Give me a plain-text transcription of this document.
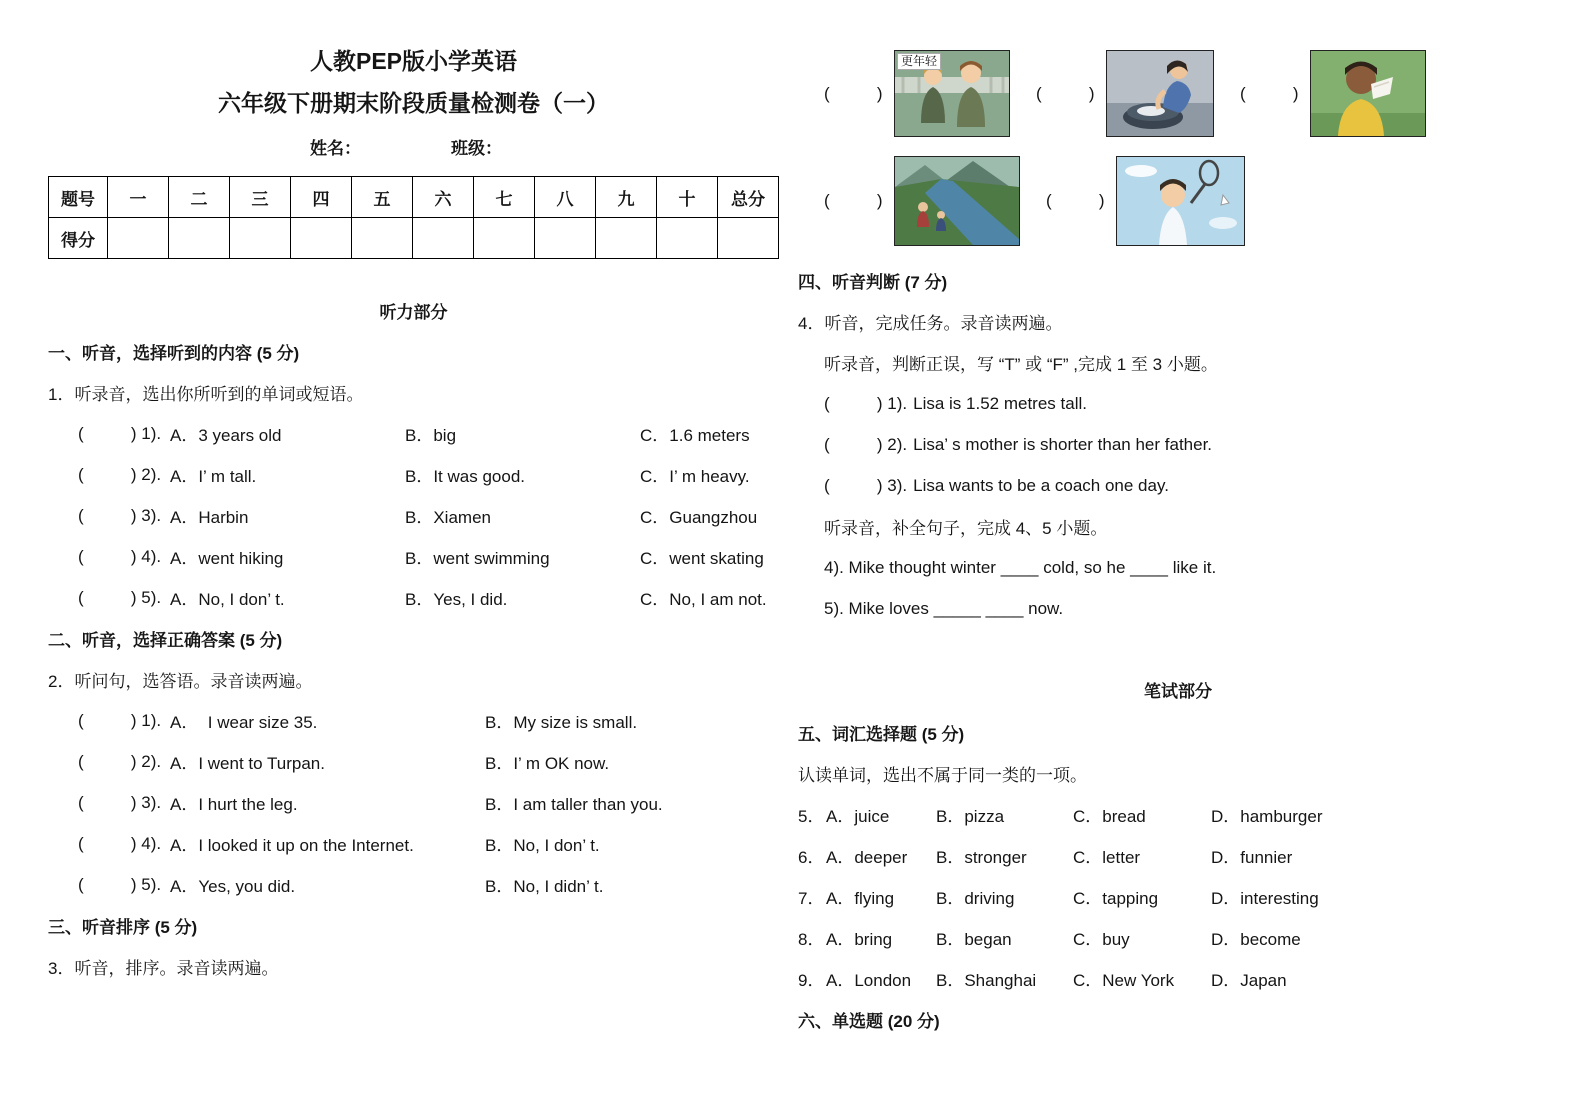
人教PEP版小学英语
六年级下册期末阶段质量检测卷（一）
姓名：	班级：
题号	一	二	三	四	五	六	七	八	九	十	总分
得分											
听力部分
一、听音，选择听到的内容 (5 分)
1．听录音，选出你所听到的单词或短语。
(          ) 1). A．3 years old	B．big	C．1.6 meters
(          ) 2). A．I’ m tall.	B．It was good.	C．I’ m heavy.
(          ) 3). A．Harbin	B．Xiamen	C．Guangzhou
(          ) 4). A．went hiking	B．went swimming	C．went skating
(          ) 5). A．No, I don’ t.	B．Yes, I did.	C．No, I am not.
二、听音，选择正确答案 (5 分)
2．听问句，选答语。录音读两遍。
(          ) 1). A．  I wear size 35.	B．My size is small.
(          ) 2). A．I went to Turpan.	B．I’ m OK now.
(          ) 3). A．I hurt the leg.	B．I am taller than you.
(          ) 4). A．I looked it up on the Internet.	B．No, I don’ t.
(          ) 5). A．Yes, you did.	B．No, I didn’ t.
三、听音排序 (5 分)
3．听音，排序。录音读两遍。
(          )
更年轻
(          )	(          )
(          )	(          )
四、听音判断 (7 分)
4．听音，完成任务。录音读两遍。
听录音，判断正误，写 “T” 或 “F” ,完成 1 至 3 小题。
(          ) 1). Lisa is 1.52 metres tall.
(          ) 2). Lisa’ s mother is shorter than her father.
(          ) 3). Lisa wants to be a coach one day.
听录音，补全句子，完成 4、5 小题。
4). Mike thought winter ____ cold, so he ____ like it.
5). Mike loves _____ ____ now.
笔试部分
五、词汇选择题 (5 分)
认读单词，选出不属于同一类的一项。
5． A．juice	B．pizza	C．bread	D．hamburger
6． A．deeper	B．stronger	C．letter	D．funnier
7． A．flying	B．driving	C．tapping	D．interesting
8． A．bring	B．began	C．buy	D．become
9． A．London	B．Shanghai	C．New York	D．Japan
六、单选题 (20 分)
